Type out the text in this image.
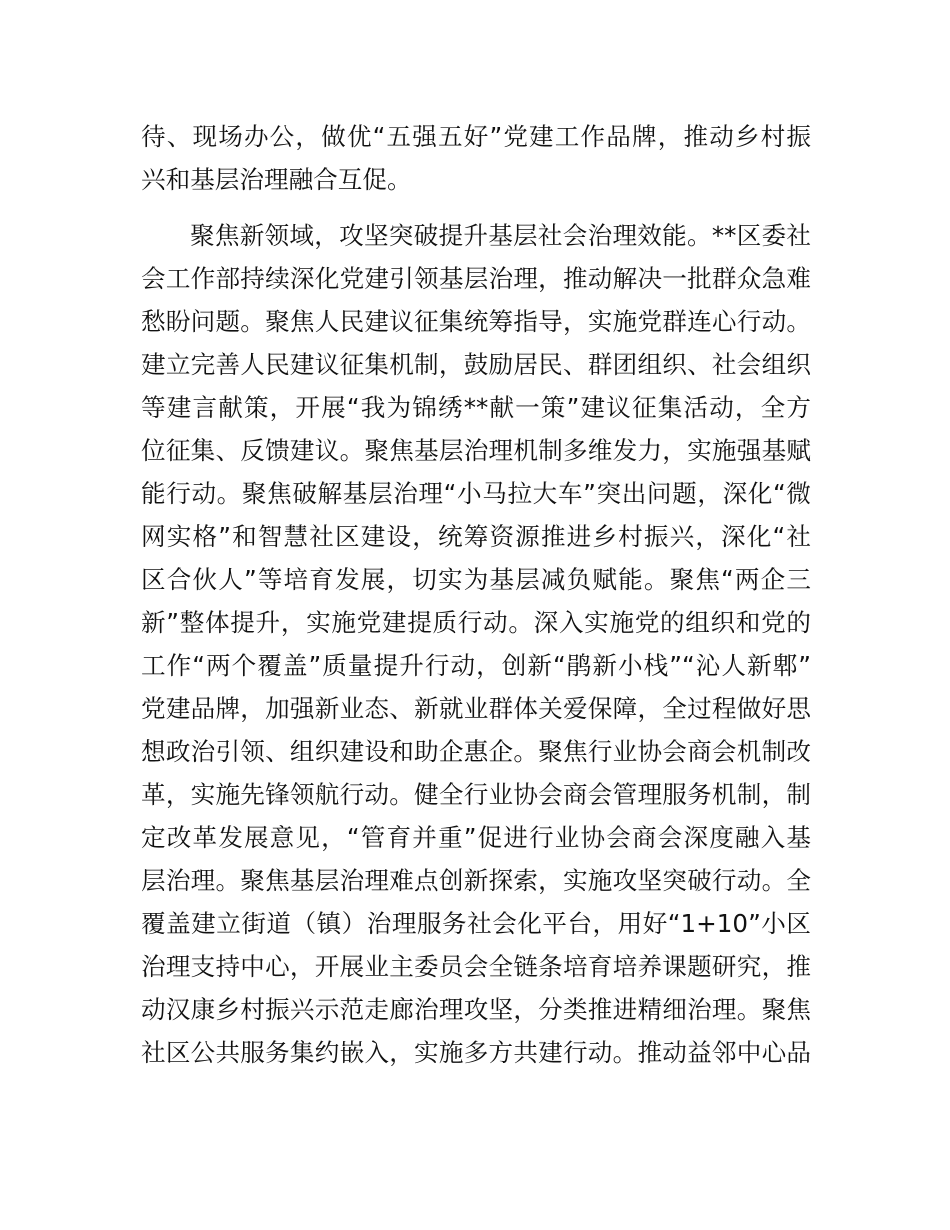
待、现场办公，做优“五强五好”党建工作品牌，推动乡村振
兴和基层治理融合互促。
聚焦新领域，攻坚突破提升基层社会治理效能。**区委社
会工作部持续深化党建引领基层治理，推动解决一批群众急难
愁盼问题。聚焦人民建议征集统筹指导，实施党群连心行动。
建立完善人民建议征集机制，鼓励居民、群团组织、社会组织
等建言献策，开展“我为锦绣**献一策”建议征集活动，全方
位征集、反馈建议。聚焦基层治理机制多维发力，实施强基赋
能行动。聚焦破解基层治理“小马拉大车”突出问题，深化“微
网实格”和智慧社区建设，统筹资源推进乡村振兴，深化“社
区合伙人”等培育发展，切实为基层减负赋能。聚焦“两企三
新”整体提升，实施党建提质行动。深入实施党的组织和党的
工作“两个覆盖”质量提升行动，创新“鹃新小栈”“沁人新郫”
党建品牌，加强新业态、新就业群体关爱保障，全过程做好思
想政治引领、组织建设和助企惠企。聚焦行业协会商会机制改
革，实施先锋领航行动。健全行业协会商会管理服务机制，制
定改革发展意见，“管育并重”促进行业协会商会深度融入基
层治理。聚焦基层治理难点创新探索，实施攻坚突破行动。全
覆盖建立街道（镇）治理服务社会化平台，用好“1+10”小区
治理支持中心，开展业主委员会全链条培育培养课题研究，推
动汉康乡村振兴示范走廊治理攻坚，分类推进精细治理。聚焦
社区公共服务集约嵌入，实施多方共建行动。推动益邻中心品
